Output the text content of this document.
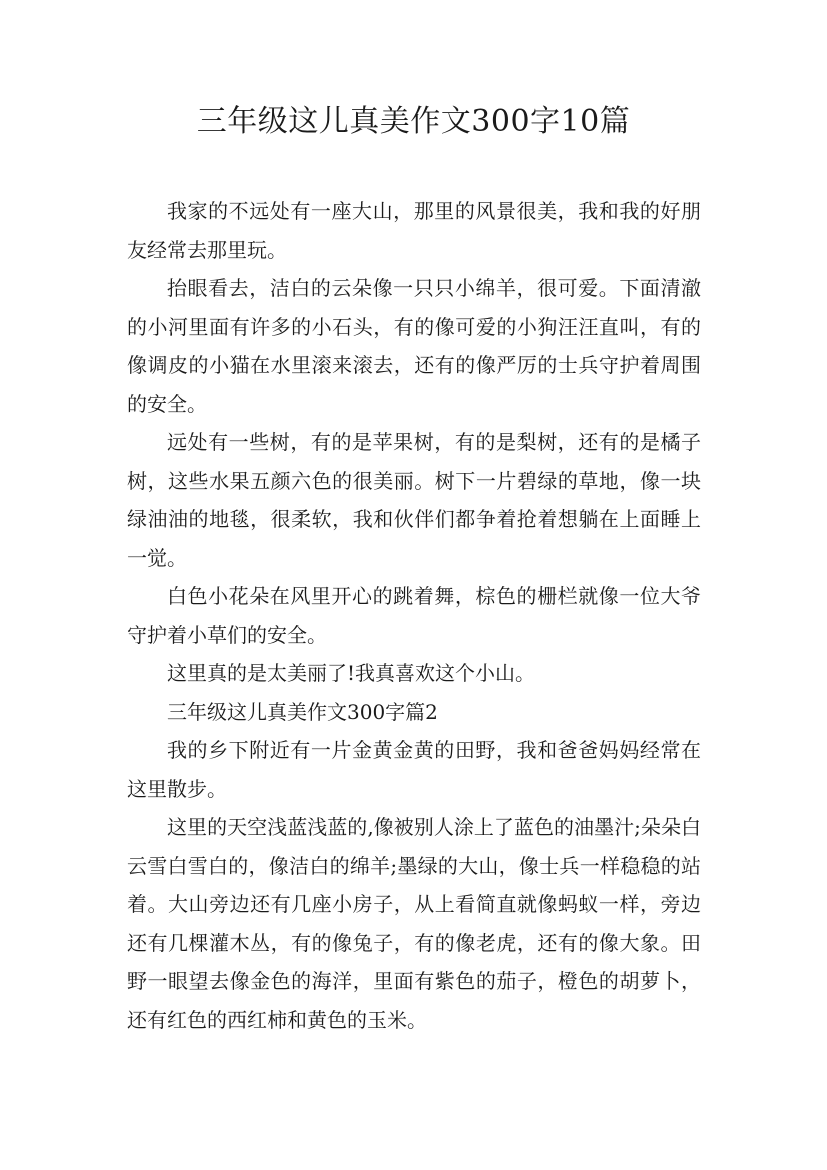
三年级这儿真美作文300字10篇

我家的不远处有一座大山，那里的风景很美，我和我的好朋友经常去那里玩。

抬眼看去，洁白的云朵像一只只小绵羊，很可爱。下面清澈的小河里面有许多的小石头，有的像可爱的小狗汪汪直叫，有的像调皮的小猫在水里滚来滚去，还有的像严厉的士兵守护着周围的安全。

远处有一些树，有的是苹果树，有的是梨树，还有的是橘子树，这些水果五颜六色的很美丽。树下一片碧绿的草地，像一块绿油油的地毯，很柔软，我和伙伴们都争着抢着想躺在上面睡上一觉。

白色小花朵在风里开心的跳着舞，棕色的栅栏就像一位大爷守护着小草们的安全。

这里真的是太美丽了!我真喜欢这个小山。

三年级这儿真美作文300字篇2

我的乡下附近有一片金黄金黄的田野，我和爸爸妈妈经常在这里散步。

这里的天空浅蓝浅蓝的,像被别人涂上了蓝色的油墨汁;朵朵白云雪白雪白的，像洁白的绵羊;墨绿的大山，像士兵一样稳稳的站着。大山旁边还有几座小房子，从上看简直就像蚂蚁一样，旁边还有几棵灌木丛，有的像兔子，有的像老虎，还有的像大象。田野一眼望去像金色的海洋，里面有紫色的茄子，橙色的胡萝卜，还有红色的西红柿和黄色的玉米。
